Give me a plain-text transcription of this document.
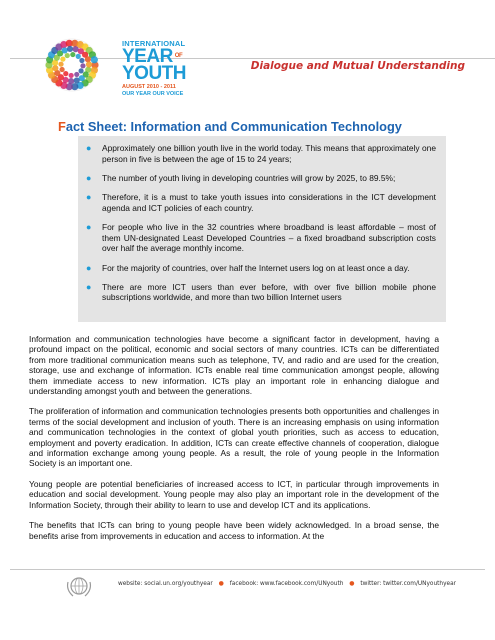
INTERNATIONAL
YEAR $^{OF}$
YOUTH
AUGUST 2010 - 2011
OUR YEAR OUR VOICE
Dialogue and Mutual Understanding
Fact Sheet: Information and Communication Technology
● Approximately one billion youth live in the world today. This means that approximately one person in five is between the age of 15 to 24 years;
● The number of youth living in developing countries will grow by 2025, to 89.5%;
● Therefore, it is a must to take youth issues into considerations in the ICT development agenda and ICT policies of each country.
● For people who live in the 32 countries where broadband is least affordable – most of them UN-designated Least Developed Countries – a fixed broadband subscription costs over half the average monthly income.
● For the majority of countries, over half the Internet users log on at least once a day.
● There are more ICT users than ever before, with over five billion mobile phone subscriptions worldwide, and more than two billion Internet users

Information and communication technologies have become a significant factor in development, having a profound impact on the political, economic and social sectors of many countries. ICTs can be differentiated from more traditional communication means such as telephone, TV, and radio and are used for the creation, storage, use and exchange of information. ICTs enable real time communication amongst people, allowing them immediate access to new information. ICTs play an important role in enhancing dialogue and understanding amongst youth and between the generations.

The proliferation of information and communication technologies presents both opportunities and challenges in terms of the social development and inclusion of youth. There is an increasing emphasis on using information and communication technologies in the context of global youth priorities, such as access to education, employment and poverty eradication. In addition, ICTs can create effective channels of cooperation, dialogue and information exchange among young people. As a result, the role of young people in the Information Society is an important one.

Young people are potential beneficiaries of increased access to ICT, in particular through improvements in education and social development. Young people may also play an important role in the development of the Information Society, through their ability to learn to use and develop ICT and its applications.

The benefits that ICTs can bring to young people have been widely acknowledged. In a broad sense, the benefits arise from improvements in education and access to information. At the

website: social.un.org/youthyear ● facebook: www.facebook.com/UNyouth ● twitter: twitter.com/UNyouthyear
